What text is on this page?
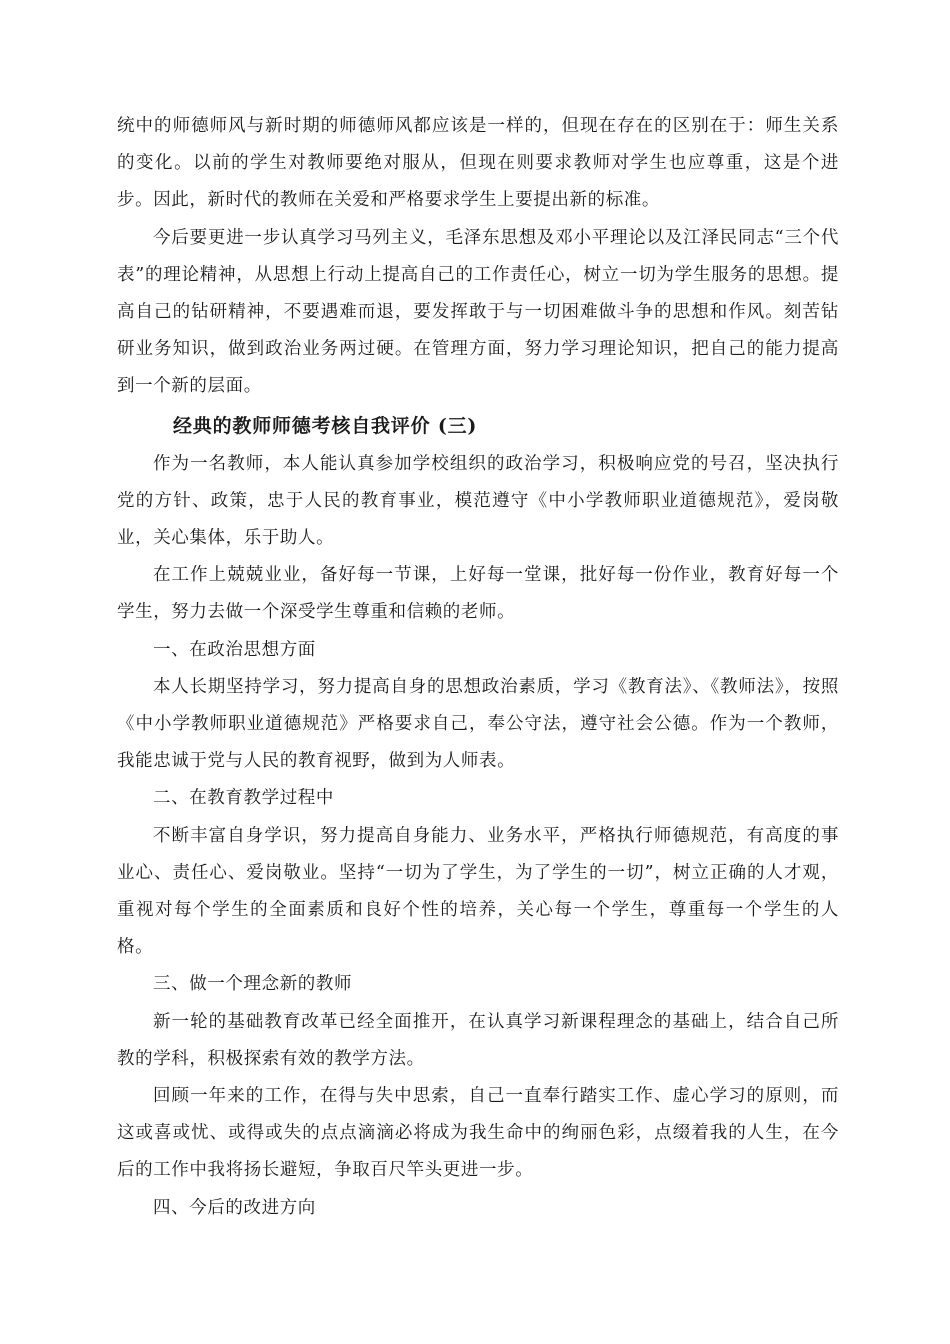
统中的师德师风与新时期的师德师风都应该是一样的，但现在存在的区别在于：师生关系的变化。以前的学生对教师要绝对服从，但现在则要求教师对学生也应尊重，这是个进步。因此，新时代的教师在关爱和严格要求学生上要提出新的标准。

今后要更进一步认真学习马列主义，毛泽东思想及邓小平理论以及江泽民同志“三个代表”的理论精神，从思想上行动上提高自己的工作责任心，树立一切为学生服务的思想。提高自己的钻研精神，不要遇难而退，要发挥敢于与一切困难做斗争的思想和作风。刻苦钻研业务知识，做到政治业务两过硬。在管理方面，努力学习理论知识，把自己的能力提高到一个新的层面。

经典的教师师德考核自我评价 (三)

作为一名教师，本人能认真参加学校组织的政治学习，积极响应党的号召，坚决执行党的方针、政策，忠于人民的教育事业，模范遵守《中小学教师职业道德规范》，爱岗敬业，关心集体，乐于助人。

在工作上兢兢业业，备好每一节课，上好每一堂课，批好每一份作业，教育好每一个学生，努力去做一个深受学生尊重和信赖的老师。

一、在政治思想方面

本人长期坚持学习，努力提高自身的思想政治素质，学习《教育法》、《教师法》，按照《中小学教师职业道德规范》严格要求自己，奉公守法，遵守社会公德。作为一个教师，我能忠诚于党与人民的教育视野，做到为人师表。

二、在教育教学过程中

不断丰富自身学识，努力提高自身能力、业务水平，严格执行师德规范，有高度的事业心、责任心、爱岗敬业。坚持“一切为了学生，为了学生的一切”，树立正确的人才观，重视对每个学生的全面素质和良好个性的培养，关心每一个学生，尊重每一个学生的人格。

三、做一个理念新的教师

新一轮的基础教育改革已经全面推开，在认真学习新课程理念的基础上，结合自己所教的学科，积极探索有效的教学方法。

回顾一年来的工作，在得与失中思索，自己一直奉行踏实工作、虚心学习的原则，而这或喜或忧、或得或失的点点滴滴必将成为我生命中的绚丽色彩，点缀着我的人生，在今后的工作中我将扬长避短，争取百尺竿头更进一步。

四、今后的改进方向
